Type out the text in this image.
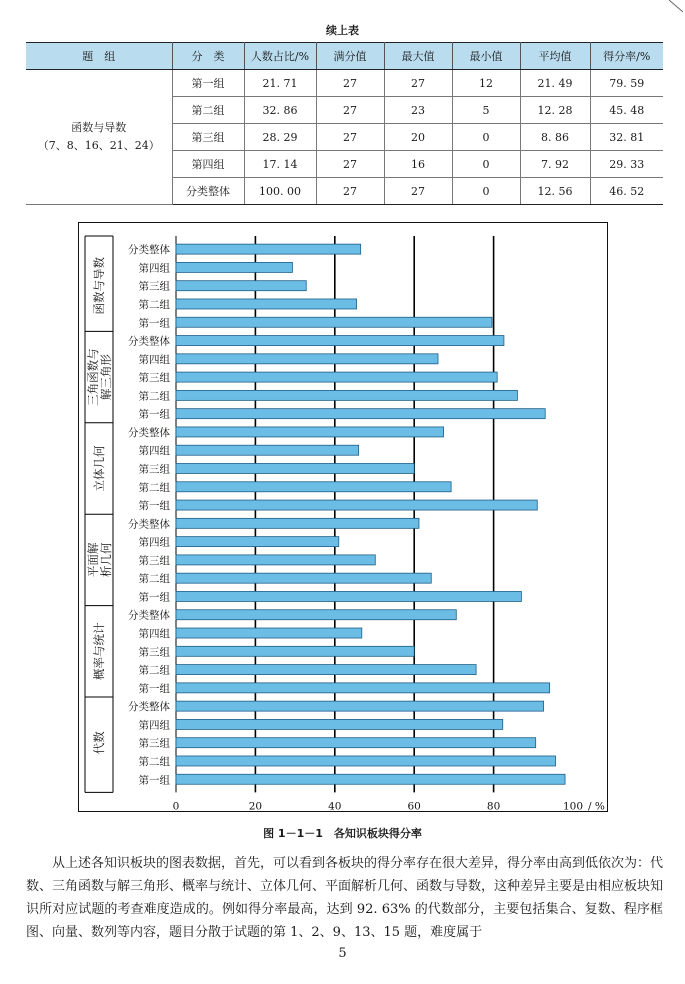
续上表
题　组	分　类	人数占比/%	满分值	最大值	最小值	平均值	得分率/%

函数与导数
（7、8、16、21、24）	第一组	21. 71	27	27	12	21. 49	79. 59
	第二组	32. 86	27	23	5	12. 28	45. 48
	第三组	28. 29	27	20	0	8. 86	32. 81
	第四组	17. 14	27	16	0	7. 92	29. 33
	分类整体	100. 00	27	27	0	12. 56	46. 52
分类整体
第四组
第三组
第二组
第一组
函数与导数
分类整体
第四组
第三组
第二组
第一组
三角函数与 解三角形
分类整体
第四组
第三组
第二组
第一组
立体几何
分类整体
第四组
第三组
第二组
第一组
平面解 析几何
分类整体
第四组
第三组
第二组
第一组
概率与统计
分类整体
第四组
第三组
第二组
第一组
代数
0	20	40	60	80	100 / %
图 1－1－1　各知识板块得分率

从上述各知识板块的图表数据，首先，可以看到各板块的得分率存在很大差异，得分率由高到低依次为：代数、三角函数与解三角形、概率与统计、立体几何、平面解析几何、函数与导数，这种差异主要是由相应板块知识所对应试题的考查难度造成的。例如得分率最高，达到 92. 63% 的代数部分，主要包括集合、复数、程序框图、向量、数列等内容，题目分散于试题的第 1、2、9、13、15 题，难度属于

5
